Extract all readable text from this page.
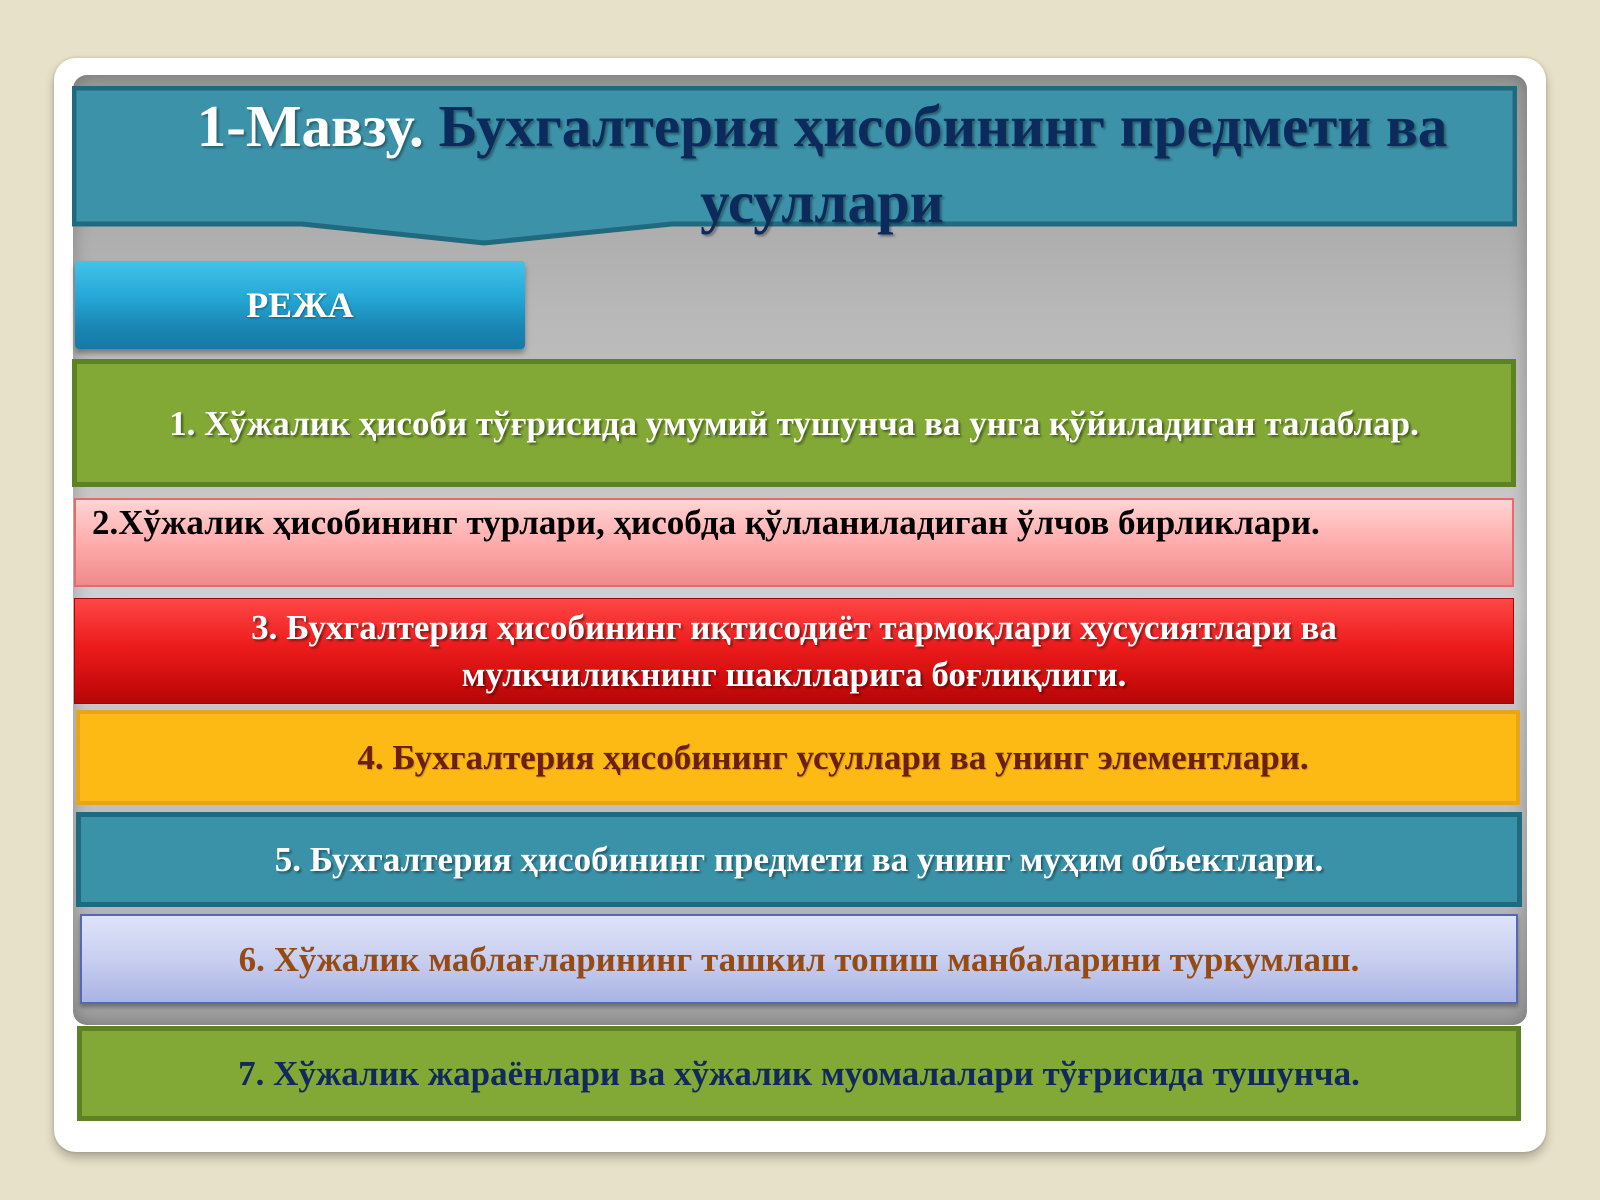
1-Мавзу. Бухгалтерия ҳисобининг предмети ва усуллари
РЕЖА
1. Хўжалик ҳисоби тўғрисида умумий тушунча ва унга қўйиладиган талаблар.
2.Хўжалик ҳисобининг турлари, ҳисобда қўлланиладиган ўлчов бирликлари.
3. Бухгалтерия ҳисобининг иқтисодиёт тармоқлари хусусиятлари ва мулкчиликнинг шаклларига боғлиқлиги.
4. Бухгалтерия ҳисобининг усуллари ва унинг элементлари.
5. Бухгалтерия ҳисобининг предмети ва унинг муҳим объектлари.
6. Хўжалик маблағларининг ташкил топиш манбаларини туркумлаш.
7. Хўжалик жараёнлари ва хўжалик муомалалари тўғрисида тушунча.
